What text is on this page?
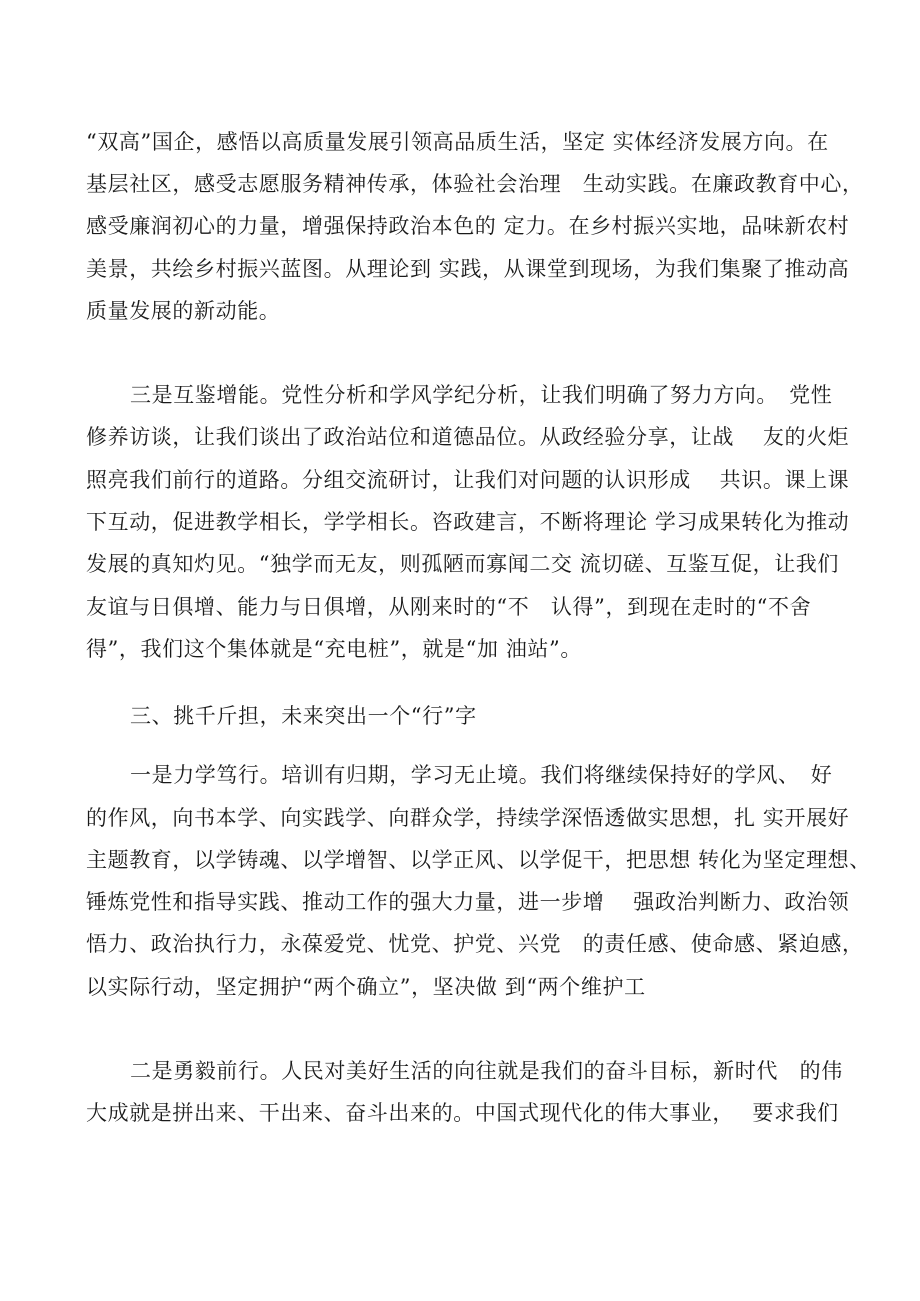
“双高”国企，感悟以高质量发展引领高品质生活，坚定 实体经济发展方向。在
基层社区，感受志愿服务精神传承，体验社会治理　生动实践。在廉政教育中心，
感受廉润初心的力量，增强保持政治本色的 定力。在乡村振兴实地，品味新农村
美景，共绘乡村振兴蓝图。从理论到 实践，从课堂到现场，为我们集聚了推动高
质量发展的新动能。
三是互鉴增能。党性分析和学风学纪分析，让我们明确了努力方向。　党性
修养访谈，让我们谈出了政治站位和道德品位。从政经验分享，让战　 友的火炬
照亮我们前行的道路。分组交流研讨，让我们对问题的认识形成　 共识。课上课
下互动，促进教学相长，学学相长。咨政建言，不断将理论 学习成果转化为推动
发展的真知灼见。“独学而无友，则孤陋而寡闻二交 流切磋、互鉴互促，让我们
友谊与日俱增、能力与日俱增，从刚来时的“不　认得”，到现在走时的“不舍
得”，我们这个集体就是“充电桩”，就是“加 油站”。
三、挑千斤担，未来突出一个“行”字
一是力学笃行。培训有归期，学习无止境。我们将继续保持好的学风、　好
的作风，向书本学、向实践学、向群众学，持续学深悟透做实思想，扎 实开展好
主题教育，以学铸魂、以学增智、以学正风、以学促干，把思想 转化为坚定理想、
锤炼党性和指导实践、推动工作的强大力量，进一步增　 强政治判断力、政治领
悟力、政治执行力，永葆爱党、忧党、护党、兴党　的责任感、使命感、紧迫感，
以实际行动，坚定拥护“两个确立”，坚决做 到“两个维护工
二是勇毅前行。人民对美好生活的向往就是我们的奋斗目标，新时代　的伟
大成就是拼出来、干出来、奋斗出来的。中国式现代化的伟大事业，　 要求我们
